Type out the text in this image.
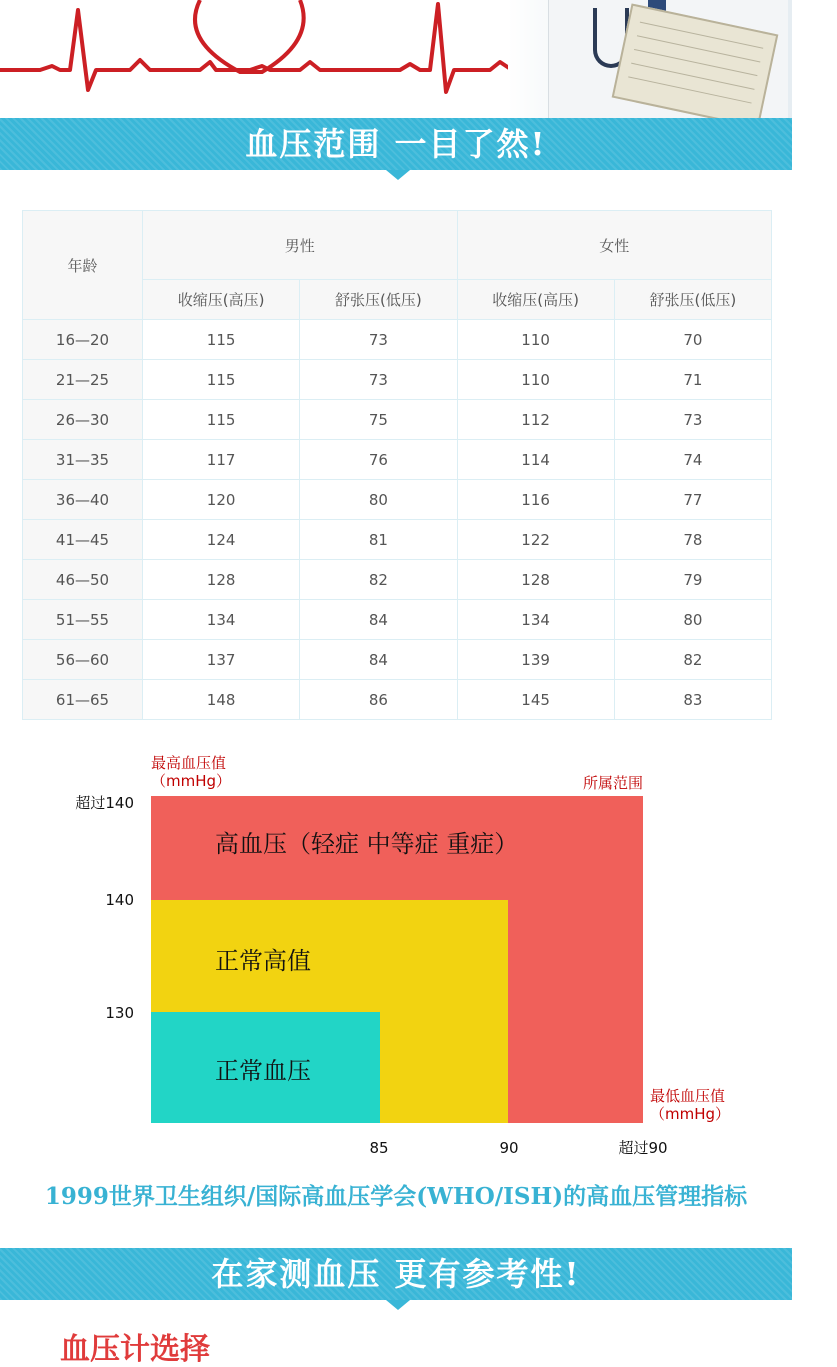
血压范围 一目了然!
年龄	男性		女性	
	收缩压(高压)	舒张压(低压)	收缩压(高压)	舒张压(低压)
16—20	115	73	110	70
21—25	115	73	110	71
26—30	115	75	112	73
31—35	117	76	114	74
36—40	120	80	116	77
41—45	124	81	122	78
46—50	128	82	128	79
51—55	134	84	134	80
56—60	137	84	139	82
61—65	148	86	145	83
高血压（轻症 中等症 重症）
正常高值
正常血压
超过140
140
130
85	90	超过90
最高血压值
（mmHg）	所属范围
最低血压值
（mmHg）
1999世界卫生组织/国际高血压学会(WHO/ISH)的高血压管理指标
在家测血压 更有参考性!
血压计选择
